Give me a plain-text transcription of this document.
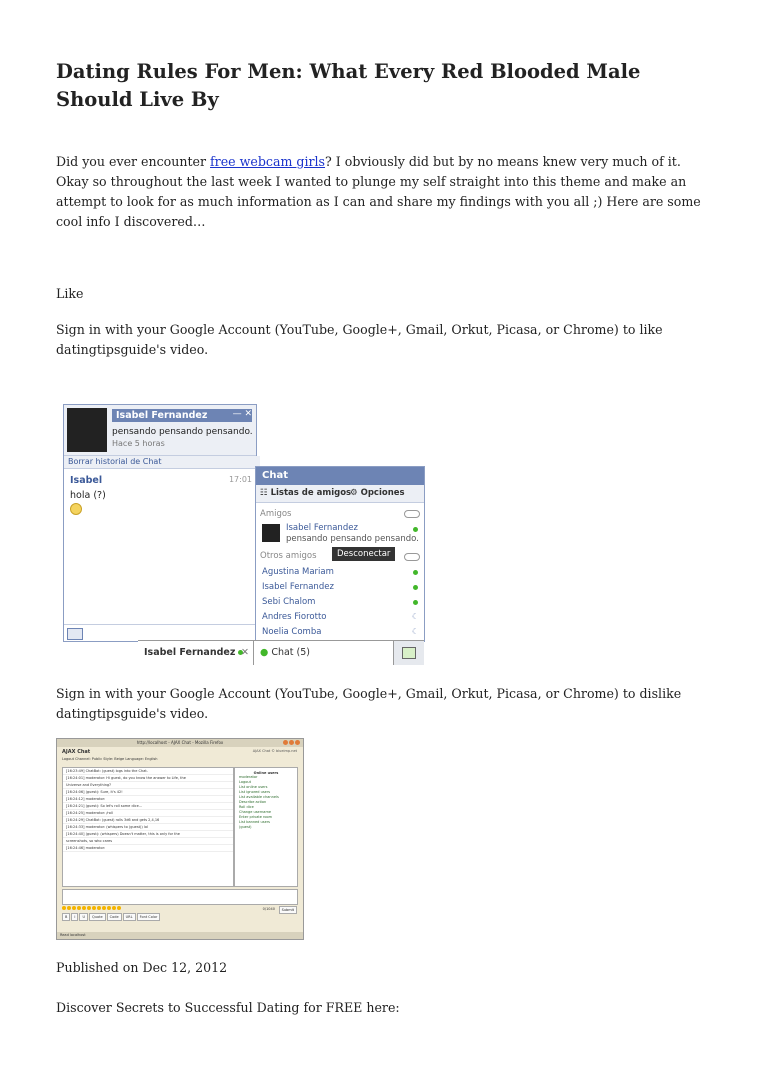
Dating Rules For Men: What Every Red Blooded Male Should Live By

Did you ever encounter free webcam girls? I obviously did but by no means knew very much of it. Okay so throughout the last week I wanted to plunge my self straight into this theme and make an attempt to look for as much information as I can and share my findings with you all ;) Here are some cool info I discovered…

Like

Sign in with your Google Account (YouTube, Google+, Gmail, Orkut, Picasa, or Chrome) to like datingtipsguide's video.

Sign in with your Google Account (YouTube, Google+, Gmail, Orkut, Picasa, or Chrome) to dislike datingtipsguide's video.

Published on Dec 12, 2012

Discover Secrets to Successful Dating for FREE here:

Isabel Fernandez	— ✕
pensando pensando pensando.
Hace 5 horas
Borrar historial de Chat
Isabel	17:01
hola (?)
Chat
☷ Listas de amigos
⚙ Opciones
Amigos
Isabel Fernandez
pensando pensando pensando.
Otros amigos	Desconectar
Agustina Mariam
Isabel Fernandez
Sebi Chalom
Andres Fiorotto	☾
Noelia Comba	☾
Isabel Fernandez ✕	● Chat (5)
http://localhost - AJAX Chat - Mozilla Firefox
AJAX Chat	AJAX Chat © blueimp.net
Logout Channel: Public Style: Beige Language: English
[16:23:49] ChatBot: (guest) logs into the Chat.
[16:24:01] moderator: Hi guest, do you know the answer to Life, the
Universe and Everything?
[16:24:06] (guest): Sure, it's 42!
[16:24:12] moderator:
[16:24:21] (guest): So let's roll some dice...
[16:24:25] moderator: /roll
[16:24:29] ChatBot: (guest) rolls 3d6 and gets 2,4,16
[16:24:33] moderator: (whispers to (guest)) lol
[16:24:40] (guest): (whispers) Doesn't matter, this is only for the
screenshots, so who cares
[16:24:46] moderator:
Online users
moderator
Logout
List online users
List ignored users
List available channels
Describe action
Roll dice
Change username
Enter private room
List banned users
(guest)
0/1040	Submit
B I U Quote Code URL Font Color
Read localhost
